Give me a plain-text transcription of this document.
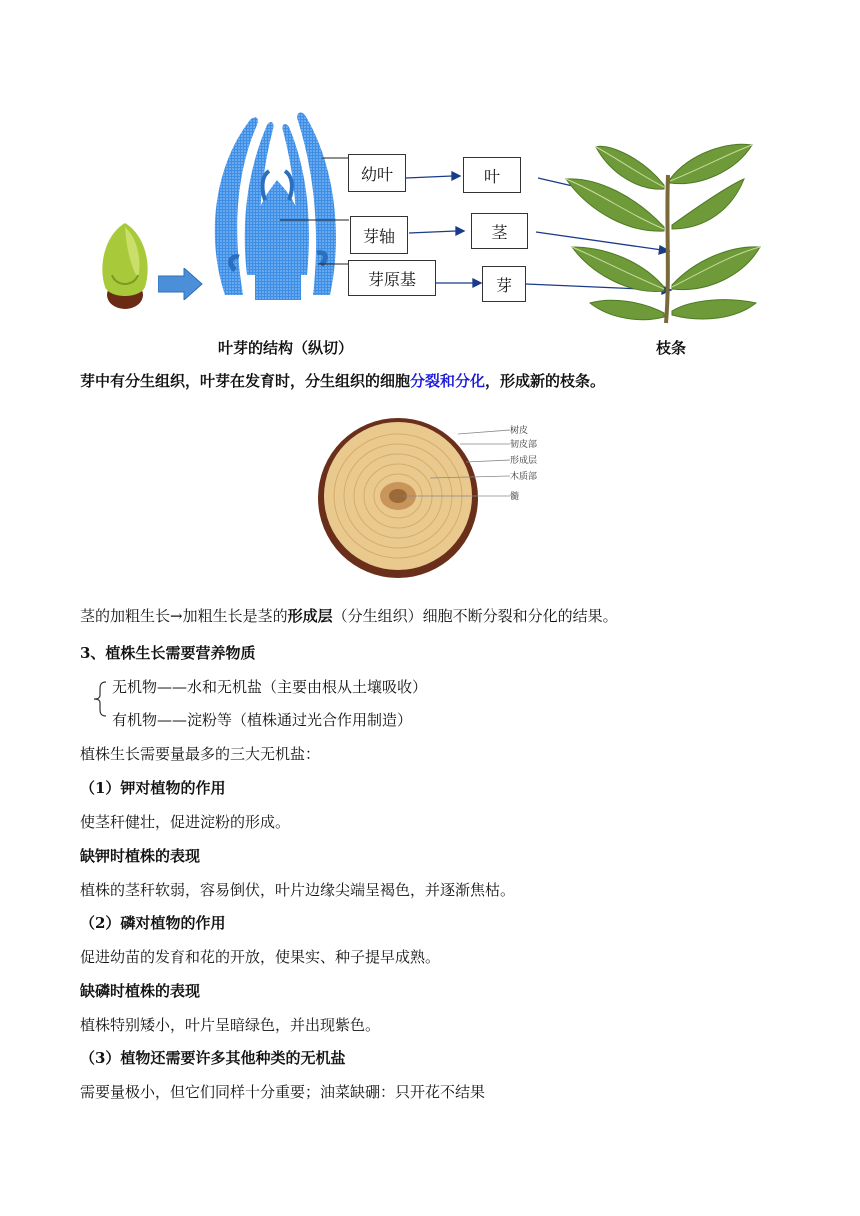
幼叶
芽轴
芽原基
叶
茎
芽
叶芽的结构（纵切）	枝条
芽中有分生组织，叶芽在发育时，分生组织的细胞分裂和分化，形成新的枝条。
树皮
韧皮部
形成层
木质部
髓
茎的加粗生长→加粗生长是茎的形成层（分生组织）细胞不断分裂和分化的结果。
3、植株生长需要营养物质
无机物——水和无机盐（主要由根从土壤吸收）
有机物——淀粉等（植株通过光合作用制造）
植株生长需要量最多的三大无机盐：
（1）钾对植物的作用
使茎秆健壮，促进淀粉的形成。
缺钾时植株的表现
植株的茎秆软弱，容易倒伏，叶片边缘尖端呈褐色，并逐渐焦枯。
（2）磷对植物的作用
促进幼苗的发育和花的开放，使果实、种子提早成熟。
缺磷时植株的表现
植株特别矮小，叶片呈暗绿色，并出现紫色。
（3）植物还需要许多其他种类的无机盐
需要量极小，但它们同样十分重要；油菜缺硼：只开花不结果
